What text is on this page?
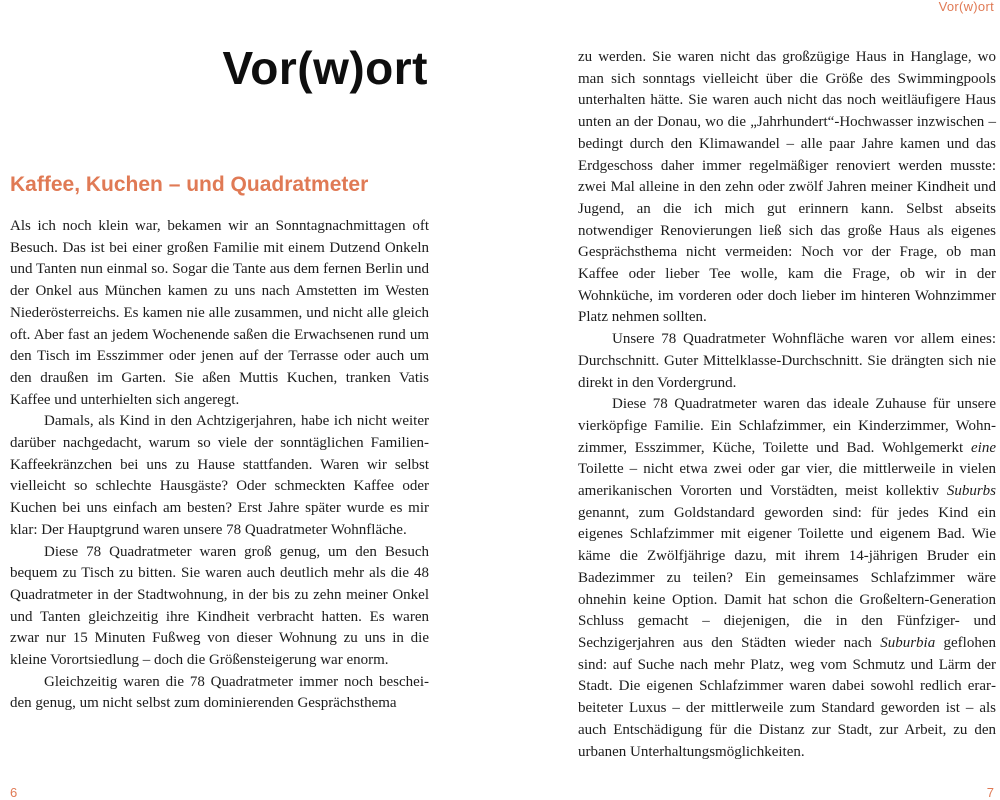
Vor(w)ort
Vor(w)ort
Kaffee, Kuchen – und Quadratmeter

Als ich noch klein war, bekamen wir an Sonntagnachmittagen oft Besuch. Das ist bei einer großen Familie mit einem Dutzend Onkeln und Tanten nun einmal so. Sogar die Tante aus dem fernen Berlin und der Onkel aus München kamen zu uns nach Amstetten im Westen Niederösterreichs. Es kamen nie alle zusammen, und nicht alle gleich oft. Aber fast an jedem Wochenende saßen die Erwachsenen rund um den Tisch im Esszimmer oder jenen auf der Terrasse oder auch um den draußen im Garten. Sie aßen Muttis Kuchen, tranken Vatis Kaffee und unterhielten sich angeregt.

Damals, als Kind in den Achtzigerjahren, habe ich nicht weiter darüber nachgedacht, warum so viele der sonntäglichen Familien-Kaffeekränzchen bei uns zu Hause stattfanden. Waren wir selbst vielleicht so schlechte Hausgäste? Oder schmeckten Kaffee oder Kuchen bei uns einfach am besten? Erst Jahre später wurde es mir klar: Der Hauptgrund waren unsere 78 Quadratmeter Wohnfläche.

Diese 78 Quadratmeter waren groß genug, um den Besuch bequem zu Tisch zu bitten. Sie waren auch deutlich mehr als die 48 Quadratmeter in der Stadtwohnung, in der bis zu zehn meiner Onkel und Tanten gleichzeitig ihre Kindheit verbracht hatten. Es waren zwar nur 15 Minuten Fußweg von dieser Wohnung zu uns in die kleine Vorortsiedlung – doch die Größensteigerung war enorm.

Gleichzeitig waren die 78 Quadratmeter immer noch bescheiden genug, um nicht selbst zum dominierenden Gesprächsthema

zu werden. Sie waren nicht das großzügige Haus in Hanglage, wo man sich sonntags vielleicht über die Größe des Swimmingpools unterhalten hätte. Sie waren auch nicht das noch weitläufigere Haus unten an der Donau, wo die „Jahrhundert“-Hochwasser inzwischen – bedingt durch den Klimawandel – alle paar Jahre kamen und das Erdgeschoss daher immer regelmäßiger renoviert werden musste: zwei Mal alleine in den zehn oder zwölf Jahren meiner Kindheit und Jugend, an die ich mich gut erinnern kann. Selbst abseits notwendiger Renovierungen ließ sich das große Haus als eigenes Gesprächsthema nicht vermeiden: Noch vor der Frage, ob man Kaffee oder lieber Tee wolle, kam die Frage, ob wir in der Wohnküche, im vorderen oder doch lieber im hinteren Wohnzimmer Platz nehmen sollten.

Unsere 78 Quadratmeter Wohnfläche waren vor allem eines: Durchschnitt. Guter Mittelklasse-Durchschnitt. Sie drängten sich nie direkt in den Vordergrund.

Diese 78 Quadratmeter waren das ideale Zuhause für unsere vierköpfige Familie. Ein Schlafzimmer, ein Kinderzimmer, Wohnzimmer, Esszimmer, Küche, Toilette und Bad. Wohlgemerkt eine Toilette – nicht etwa zwei oder gar vier, die mittlerweile in vielen amerikanischen Vororten und Vorstädten, meist kollektiv Suburbs genannt, zum Goldstandard geworden sind: für jedes Kind ein eigenes Schlafzimmer mit eigener Toilette und eigenem Bad. Wie käme die Zwölfjährige dazu, mit ihrem 14-jährigen Bruder ein Badezimmer zu teilen? Ein gemeinsames Schlafzimmer wäre ohnehin keine Option. Damit hat schon die Großeltern-Generation Schluss gemacht – diejenigen, die in den Fünfziger- und Sechzigerjahren aus den Städten wieder nach Suburbia geflohen sind: auf Suche nach mehr Platz, weg vom Schmutz und Lärm der Stadt. Die eigenen Schlafzimmer waren dabei sowohl redlich erarbeiteter Luxus – der mittlerweile zum Standard geworden ist – als auch Entschädigung für die Distanz zur Stadt, zur Arbeit, zu den urbanen Unterhaltungsmöglichkeiten.

6	7
